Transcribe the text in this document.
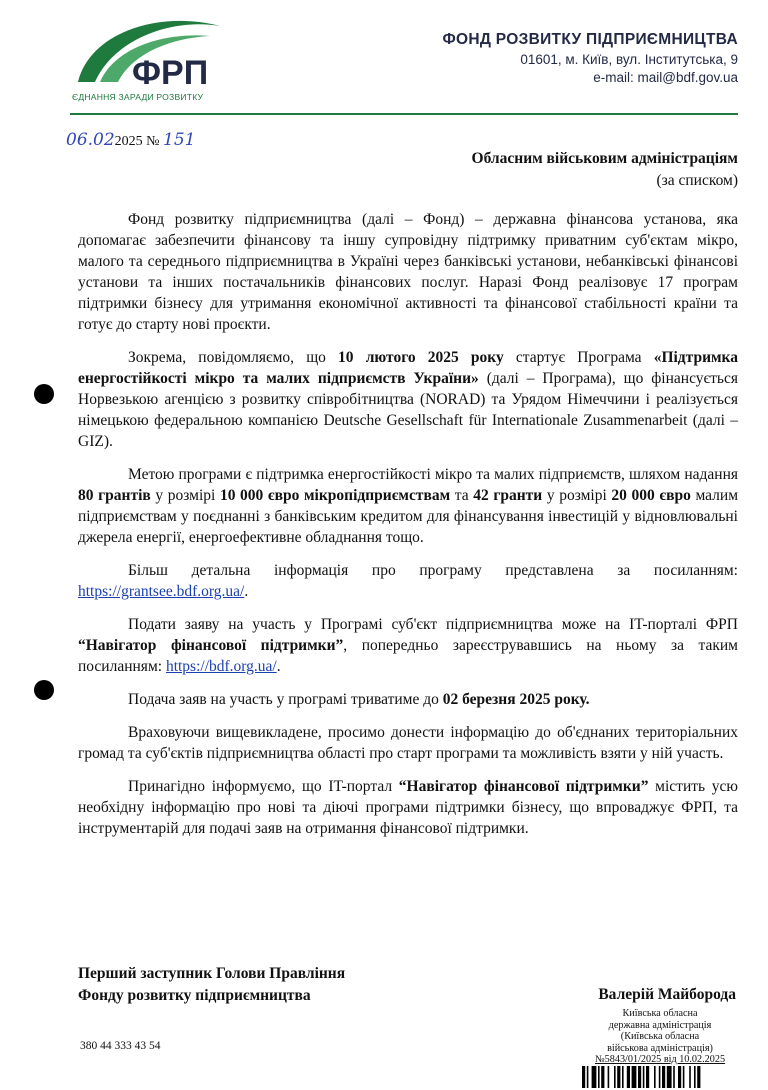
ФРП
ЄДНАННЯ ЗАРАДИ РОЗВИТКУ
ФОНД РОЗВИТКУ ПІДПРИЄМНИЦТВА
01601, м. Київ, вул. Інститутська, 9
e-mail: mail@bdf.gov.ua
06.022025 № 151
Обласним військовим адміністраціям
(за списком)

Фонд розвитку підприємництва (далі – Фонд) – державна фінансова установа, яка допомагає забезпечити фінансову та іншу супровідну підтримку приватним суб'єктам мікро, малого та середнього підприємництва в Україні через банківські установи, небанківські фінансові установи та інших постачальників фінансових послуг. Наразі Фонд реалізовує 17 програм підтримки бізнесу для утримання економічної активності та фінансової стабільності країни та готує до старту нові проєкти.

Зокрема, повідомляємо, що 10 лютого 2025 року стартує Програма «Підтримка енергостійкості мікро та малих підприємств України» (далі – Програма), що фінансується Норвезькою агенцією з розвитку співробітництва (NORAD) та Урядом Німеччини і реалізується німецькою федеральною компанією Deutsche Gesellschaft für Internationale Zusammenarbeit (далі – GIZ).

Метою програми є підтримка енергостійкості мікро та малих підприємств, шляхом надання 80 грантів у розмірі 10 000 євро мікропідприємствам та 42 гранти у розмірі 20 000 євро малим підприємствам у поєднанні з банківським кредитом для фінансування інвестицій у відновлювальні джерела енергії, енергоефективне обладнання тощо.

Більш детальна інформація про програму представлена за посиланням: https://grantsee.bdf.org.ua/.

Подати заяву на участь у Програмі суб'єкт підприємництва може на IT-порталі ФРП “Навігатор фінансової підтримки”, попередньо зареєструвавшись на ньому за таким посиланням: https://bdf.org.ua/.

Подача заяв на участь у програмі триватиме до 02 березня 2025 року.

Враховуючи вищевикладене, просимо донести інформацію до об'єднаних територіальних громад та суб'єктів підприємництва області про старт програми та можливість взяти у ній участь.

Принагідно інформуємо, що IT-портал “Навігатор фінансової підтримки” містить усю необхідну інформацію про нові та діючі програми підтримки бізнесу, що впроваджує ФРП, та інструментарій для подачі заяв на отримання фінансової підтримки.

Перший заступник Голови Правління
Фонду розвитку підприємництва	Валерій Майборода
380 44 333 43 54
Київська обласна
державна адміністрація
(Київська обласна
військова адміністрація)
№5843/01/2025 від 10.02.2025
